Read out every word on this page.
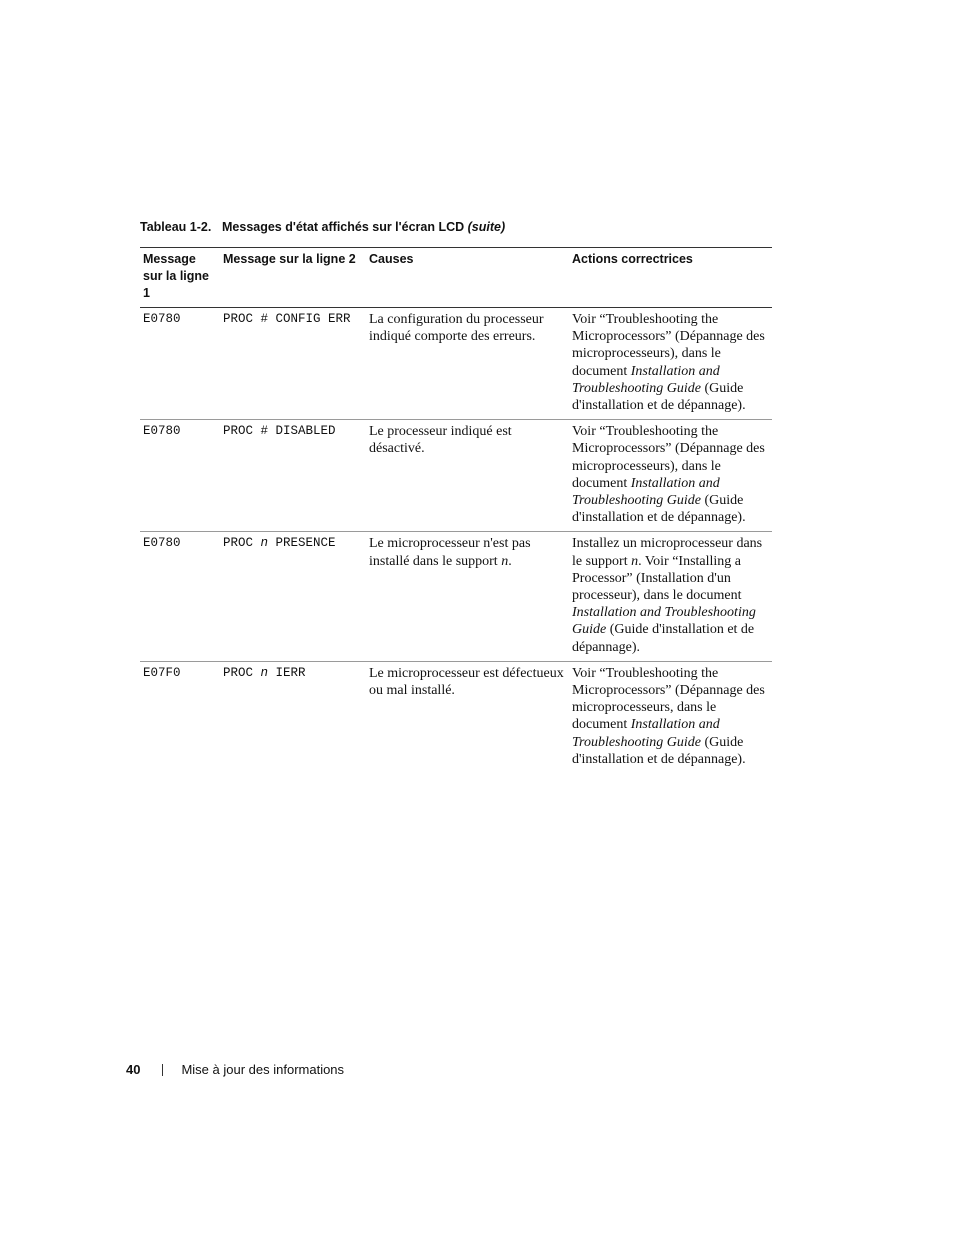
Tableau 1-2. Messages d'état affichés sur l'écran LCD (suite)
Message sur la ligne 1	Message sur la ligne 2	Causes	Actions correctrices
E0780	PROC # CONFIG ERR	La configuration du processeur indiqué comporte des erreurs.	Voir “Troubleshooting the Microprocessors” (Dépannage des microprocesseurs), dans le document Installation and Troubleshooting Guide (Guide d'installation et de dépannage).
E0780	PROC # DISABLED	Le processeur indiqué est désactivé.	Voir “Troubleshooting the Microprocessors” (Dépannage des microprocesseurs), dans le document Installation and Troubleshooting Guide (Guide d'installation et de dépannage).
E0780	PROC n PRESENCE	Le microprocesseur n'est pas installé dans le support n.	Installez un microprocesseur dans le support n. Voir “Installing a Processor” (Installation d'un processeur), dans le document Installation and Troubleshooting Guide (Guide d'installation et de dépannage).
E07F0	PROC n IERR	Le microprocesseur est défectueux ou mal installé.	Voir “Troubleshooting the Microprocessors” (Dépannage des microprocesseurs, dans le document Installation and Troubleshooting Guide (Guide d'installation et de dépannage).
40	Mise à jour des informations
